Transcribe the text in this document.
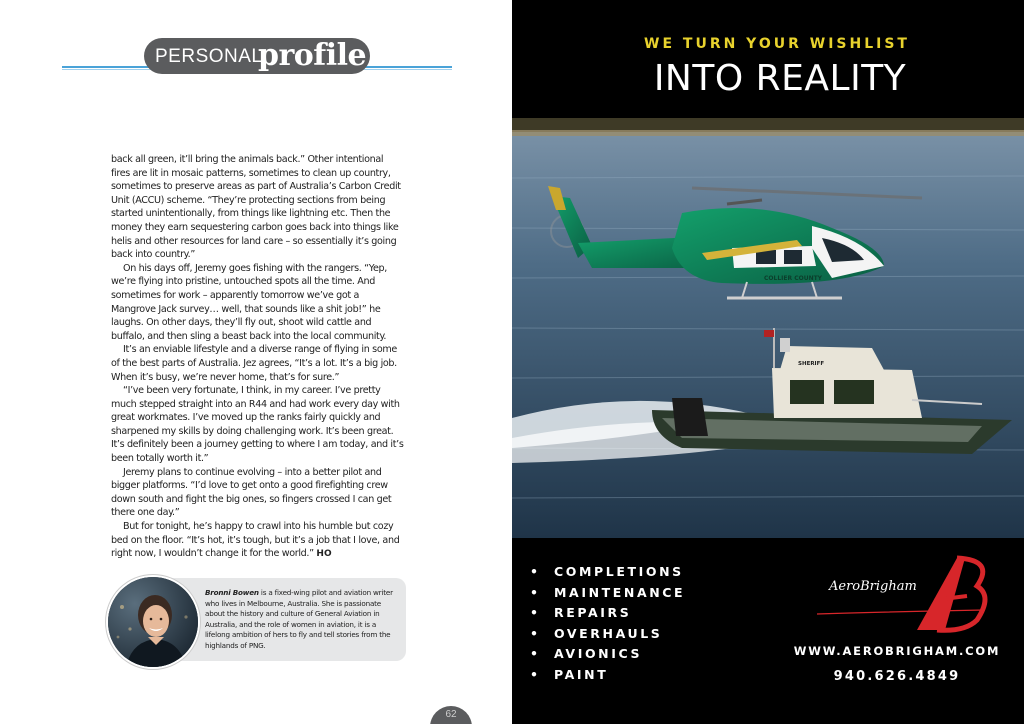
PERSONAL
profile

back all green, it’ll bring the animals back.” Other intentional fires are lit in mosaic patterns, sometimes to clean up country, sometimes to preserve areas as part of Australia’s Carbon Credit Unit (ACCU) scheme. “They’re protecting sections from being started unintentionally, from things like lightning etc. Then the money they earn sequestering carbon goes back into things like helis and other resources for land care – so essentially it’s going back into country.”

On his days off, Jeremy goes fishing with the rangers. “Yep, we’re flying into pristine, untouched spots all the time. And sometimes for work – apparently tomorrow we’ve got a Mangrove Jack survey… well, that sounds like a shit job!” he laughs. On other days, they’ll fly out, shoot wild cattle and buffalo, and then sling a beast back into the local community.

It’s an enviable lifestyle and a diverse range of flying in some of the best parts of Australia. Jez agrees, “It’s a lot. It’s a big job. When it’s busy, we’re never home, that’s for sure.”

“I’ve been very fortunate, I think, in my career. I’ve pretty much stepped straight into an R44 and had work every day with great workmates. I’ve moved up the ranks fairly quickly and sharpened my skills by doing challenging work. It’s been great. It’s definitely been a journey getting to where I am today, and it’s been totally worth it.”

Jeremy plans to continue evolving – into a better pilot and bigger platforms. “I’d love to get onto a good firefighting crew down south and fight the big ones, so fingers crossed I can get there one day.”

But for tonight, he’s happy to crawl into his humble but cozy bed on the floor. “It’s hot, it’s tough, but it’s a job that I love, and right now, I wouldn’t change it for the world.” HO

Bronni Bowen is a fixed-wing pilot and aviation writer who lives in Melbourne, Australia. She is passionate about the history and culture of General Aviation in Australia, and the role of women in aviation, it is a lifelong ambition of hers to fly and tell stories from the highlands of PNG.
62
WE TURN YOUR WISHLIST
INTO REALITY
COLLIER COUNTY
SHERIFF
• COMPLETIONS
• MAINTENANCE
• REPAIRS
• OVERHAULS
• AVIONICS
• PAINT
AeroBrigham
WWW.AEROBRIGHAM.COM
940.626.4849
